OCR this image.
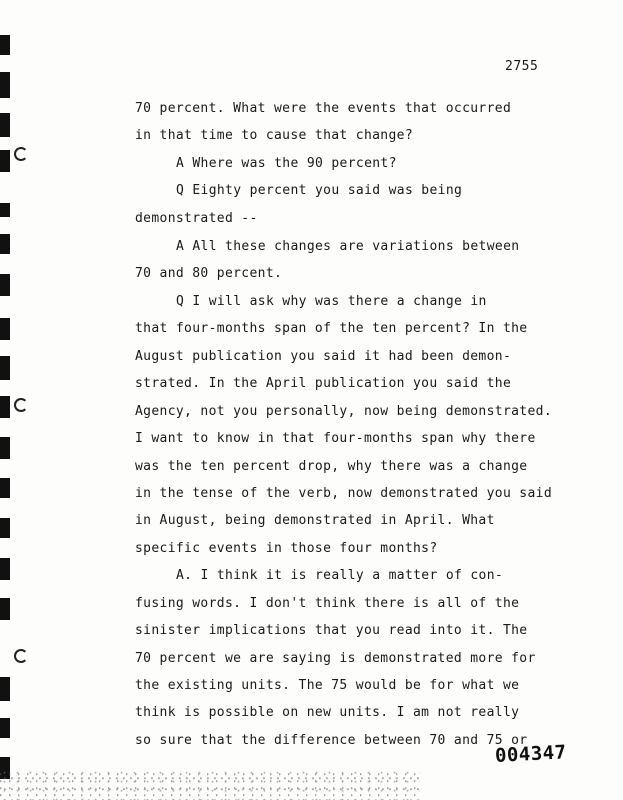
2755
70 percent. What were the events that occurred
in that time to cause that change?
A Where was the 90 percent?
Q Eighty percent you said was being
demonstrated --
A All these changes are variations between
70 and 80 percent.
Q I will ask why was there a change in
that four-months span of the ten percent? In the
August publication you said it had been demon-
strated. In the April publication you said the
Agency, not you personally, now being demonstrated.
I want to know in that four-months span why there
was the ten percent drop, why there was a change
in the tense of the verb, now demonstrated you said
in August, being demonstrated in April. What
specific events in those four months?
A. I think it is really a matter of con-
fusing words. I don't think there is all of the
sinister implications that you read into it. The
70 percent we are saying is demonstrated more for
the existing units. The 75 would be for what we
think is possible on new units. I am not really
so sure that the difference between 70 and 75 or
004347
